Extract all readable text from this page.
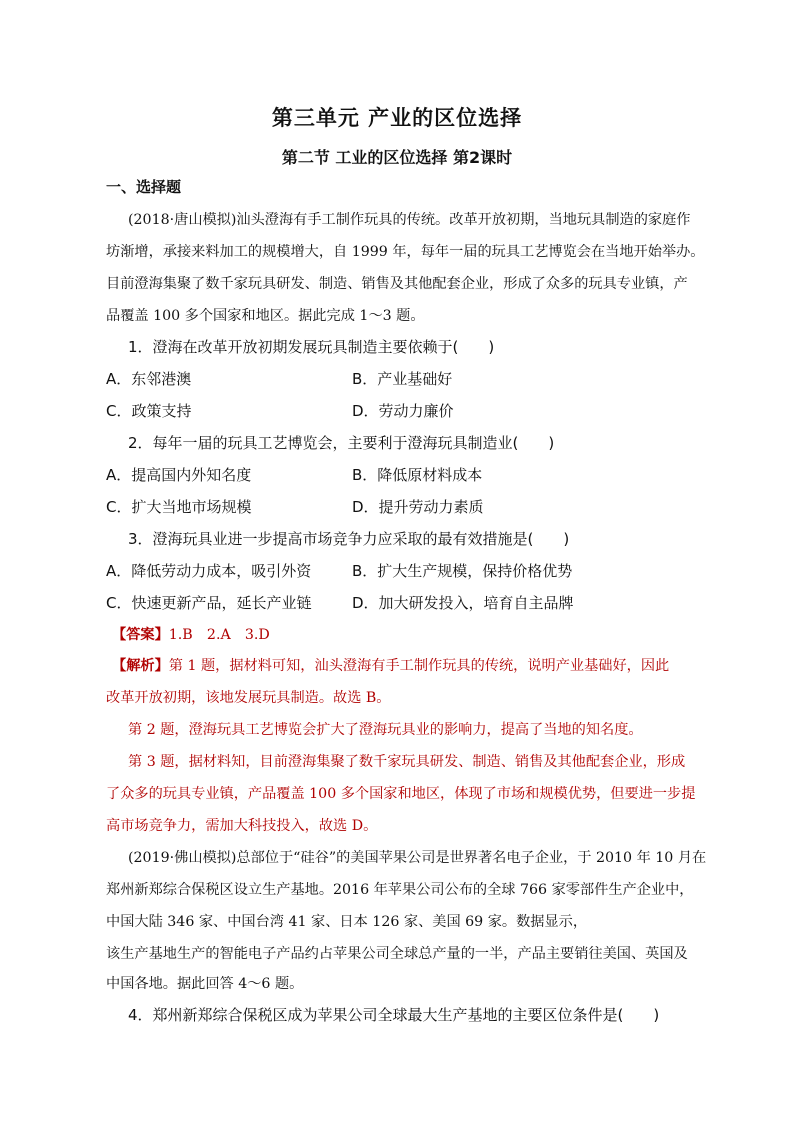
第三单元 产业的区位选择
第二节 工业的区位选择 第2课时
一、选择题
(2018·唐山模拟)汕头澄海有手工制作玩具的传统。改革开放初期，当地玩具制造的家庭作
坊渐增，承接来料加工的规模增大，自 1999 年，每年一届的玩具工艺博览会在当地开始举办。
目前澄海集聚了数千家玩具研发、制造、销售及其他配套企业，形成了众多的玩具专业镇，产
品覆盖 100 多个国家和地区。据此完成 1～3 题。
1．澄海在改革开放初期发展玩具制造主要依赖于(　　)
A．东邻港澳	B．产业基础好
C．政策支持	D．劳动力廉价
2．每年一届的玩具工艺博览会，主要利于澄海玩具制造业(　　)
A．提高国内外知名度	B．降低原材料成本
C．扩大当地市场规模	D．提升劳动力素质
3．澄海玩具业进一步提高市场竞争力应采取的最有效措施是(　　)
A．降低劳动力成本，吸引外资	B．扩大生产规模，保持价格优势
C．快速更新产品，延长产业链	D．加大研发投入，培育自主品牌
【答案】1.B　2.A　3.D
【解析】第 1 题，据材料可知，汕头澄海有手工制作玩具的传统，说明产业基础好，因此
改革开放初期，该地发展玩具制造。故选 B。
第 2 题，澄海玩具工艺博览会扩大了澄海玩具业的影响力，提高了当地的知名度。
第 3 题，据材料知，目前澄海集聚了数千家玩具研发、制造、销售及其他配套企业，形成
了众多的玩具专业镇，产品覆盖 100 多个国家和地区，体现了市场和规模优势，但要进一步提
高市场竞争力，需加大科技投入，故选 D。
(2019·佛山模拟)总部位于“硅谷”的美国苹果公司是世界著名电子企业，于 2010 年 10 月在
郑州新郑综合保税区设立生产基地。2016 年苹果公司公布的全球 766 家零部件生产企业中，
中国大陆 346 家、中国台湾 41 家、日本 126 家、美国 69 家。数据显示，
该生产基地生产的智能电子产品约占苹果公司全球总产量的一半，产品主要销往美国、英国及
中国各地。据此回答 4～6 题。
4．郑州新郑综合保税区成为苹果公司全球最大生产基地的主要区位条件是(　　)
